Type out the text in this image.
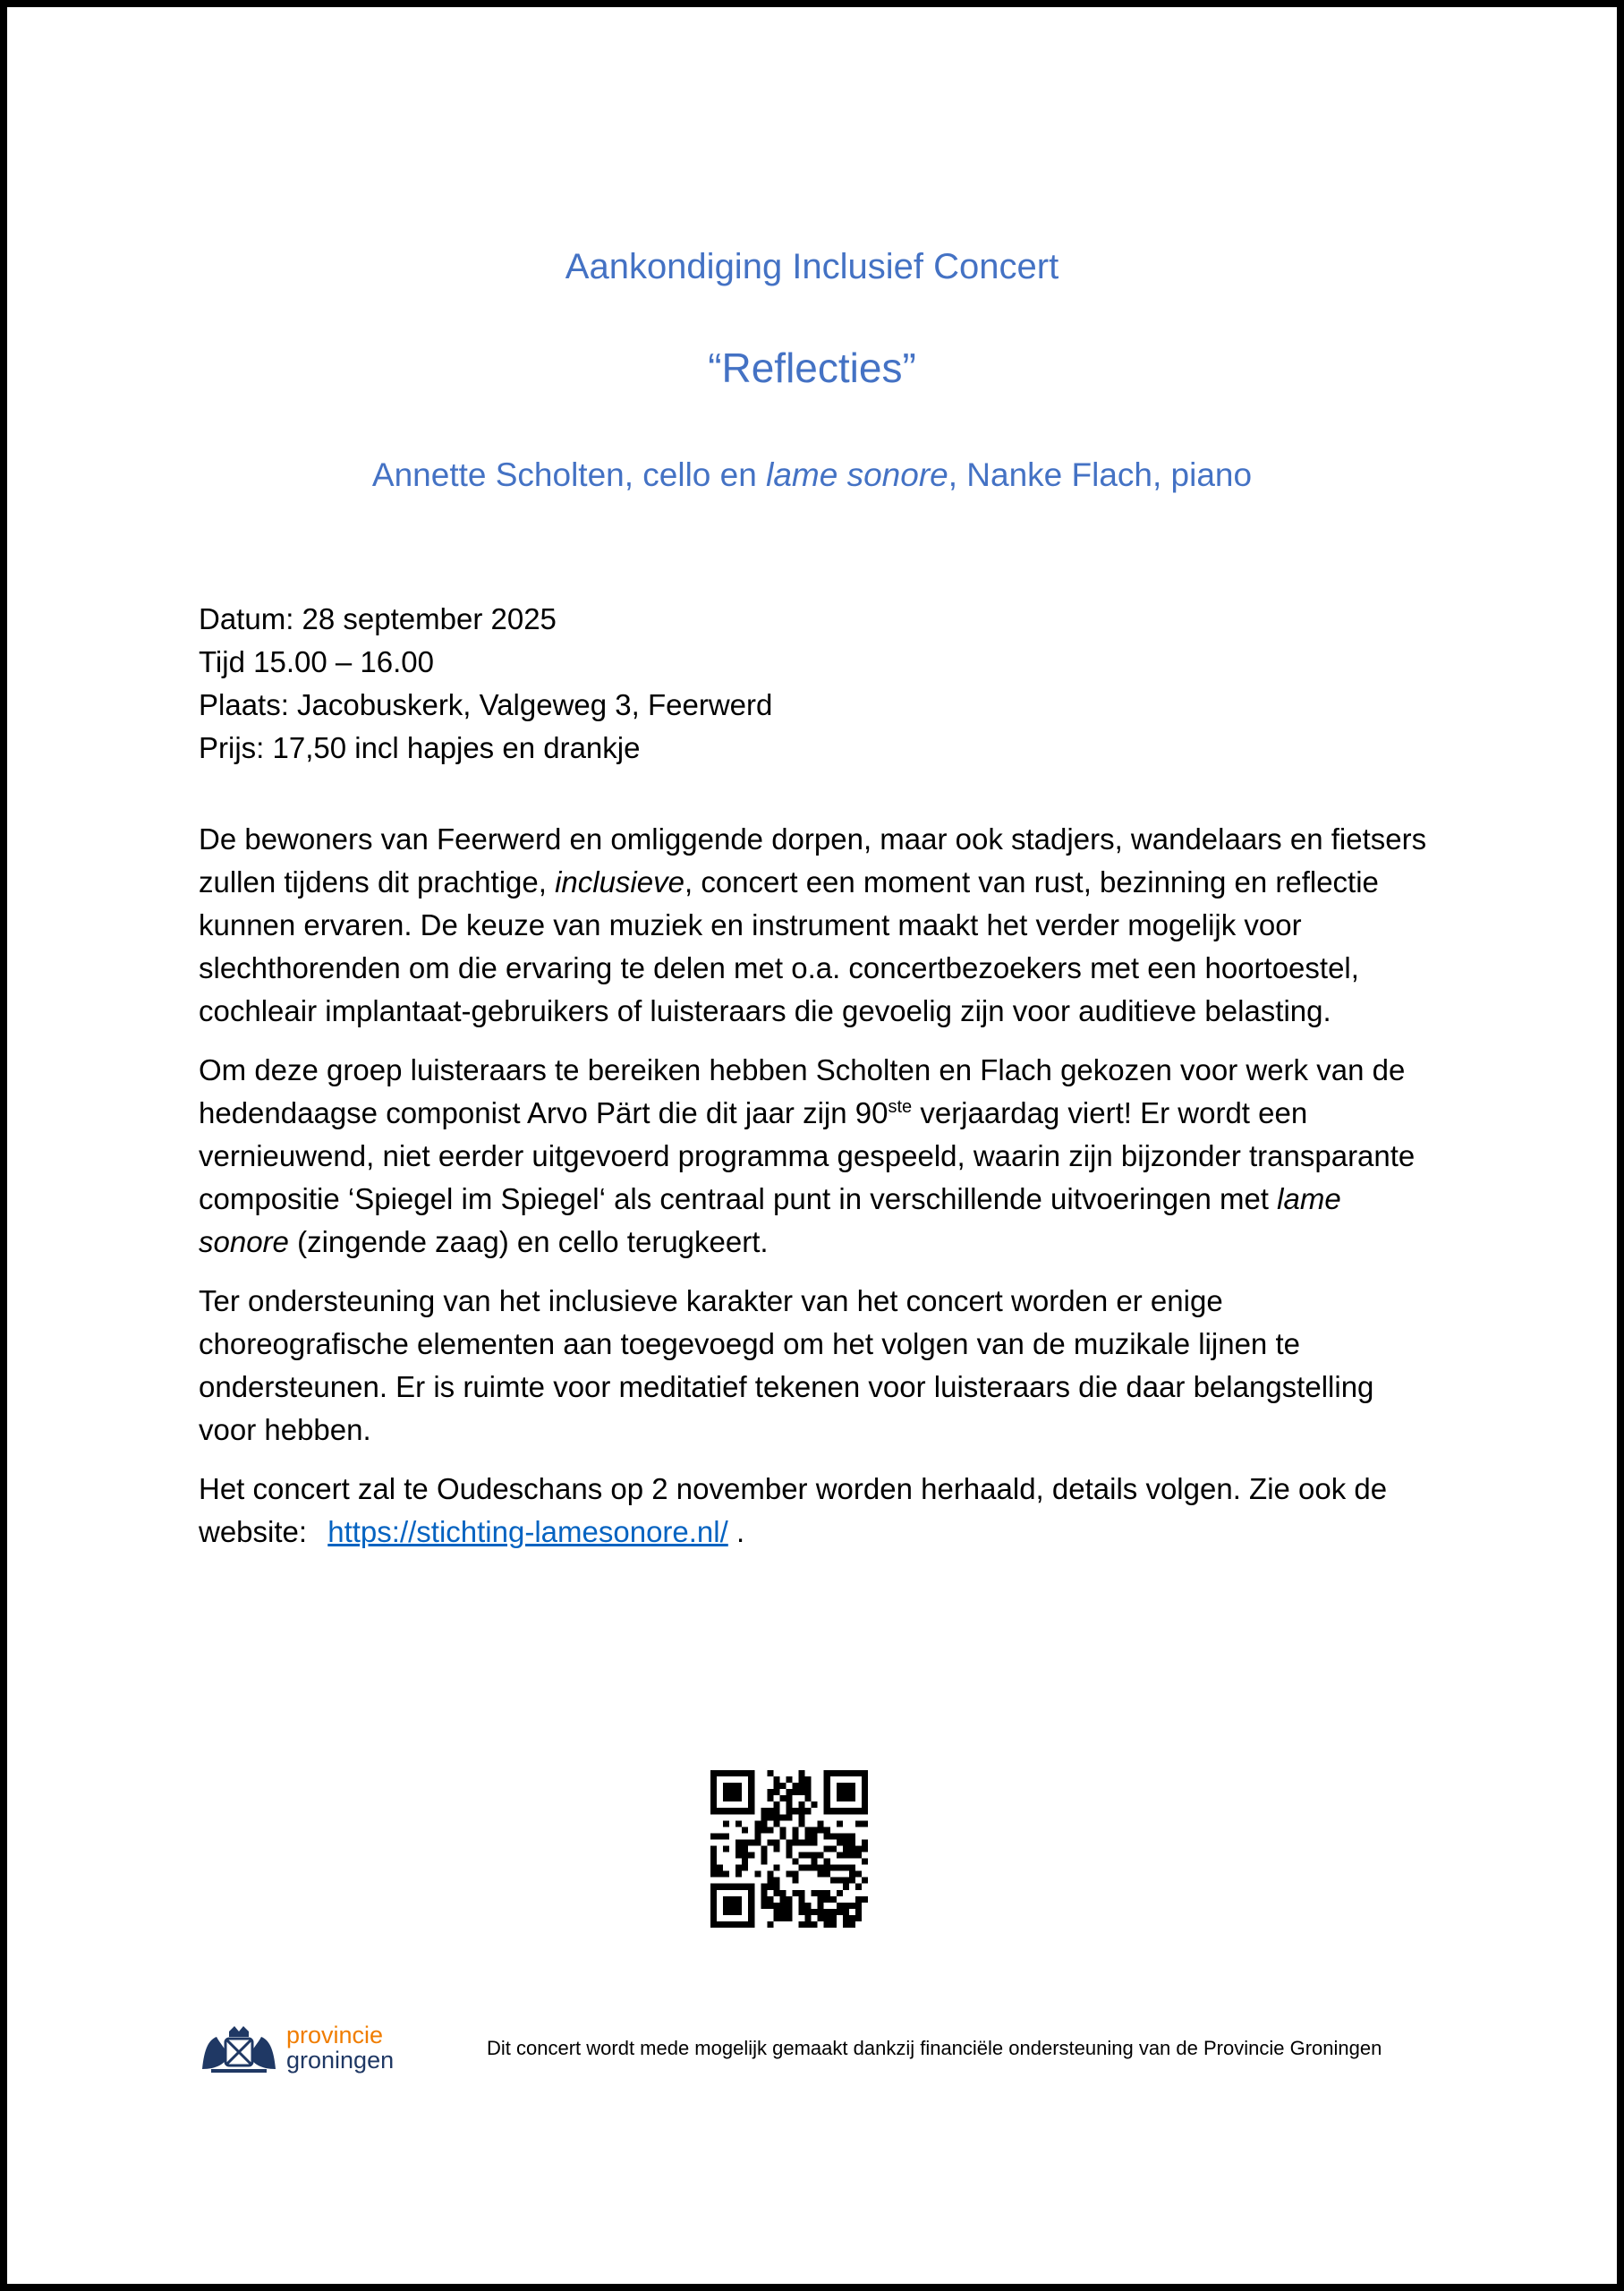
Aankondiging Inclusief Concert
“Reflecties”
Annette Scholten, cello en lame sonore, Nanke Flach, piano

Datum: 28 september 2025

Tijd 15.00 – 16.00

Plaats: Jacobuskerk, Valgeweg 3, Feerwerd

Prijs: 17,50 incl hapjes en drankje

De bewoners van Feerwerd en omliggende dorpen, maar ook stadjers, wandelaars en fietsers zullen tijdens dit prachtige, inclusieve, concert een moment van rust, bezinning en reflectie kunnen ervaren. De keuze van muziek en instrument maakt het verder mogelijk voor slechthorenden om die ervaring te delen met o.a. concertbezoekers met een hoortoestel, cochleair implantaat-gebruikers of luisteraars die gevoelig zijn voor auditieve belasting.

Om deze groep luisteraars te bereiken hebben Scholten en Flach gekozen voor werk van de hedendaagse componist Arvo Pärt die dit jaar zijn 90ste verjaardag viert! Er wordt een vernieuwend, niet eerder uitgevoerd programma gespeeld, waarin zijn bijzonder transparante compositie ‘Spiegel im Spiegel‘ als centraal punt in verschillende uitvoeringen met lame sonore (zingende zaag) en cello terugkeert.

Ter ondersteuning van het inclusieve karakter van het concert worden er enige choreografische elementen aan toegevoegd om het volgen van de muzikale lijnen te ondersteunen. Er is ruimte voor meditatief tekenen voor luisteraars die daar belangstelling voor hebben.

Het concert zal te Oudeschans op 2 november worden herhaald, details volgen. Zie ook de website: https://stichting-lamesonore.nl/ .

provincie
groningen	Dit concert wordt mede mogelijk gemaakt dankzij financiële ondersteuning van de Provincie Groningen
